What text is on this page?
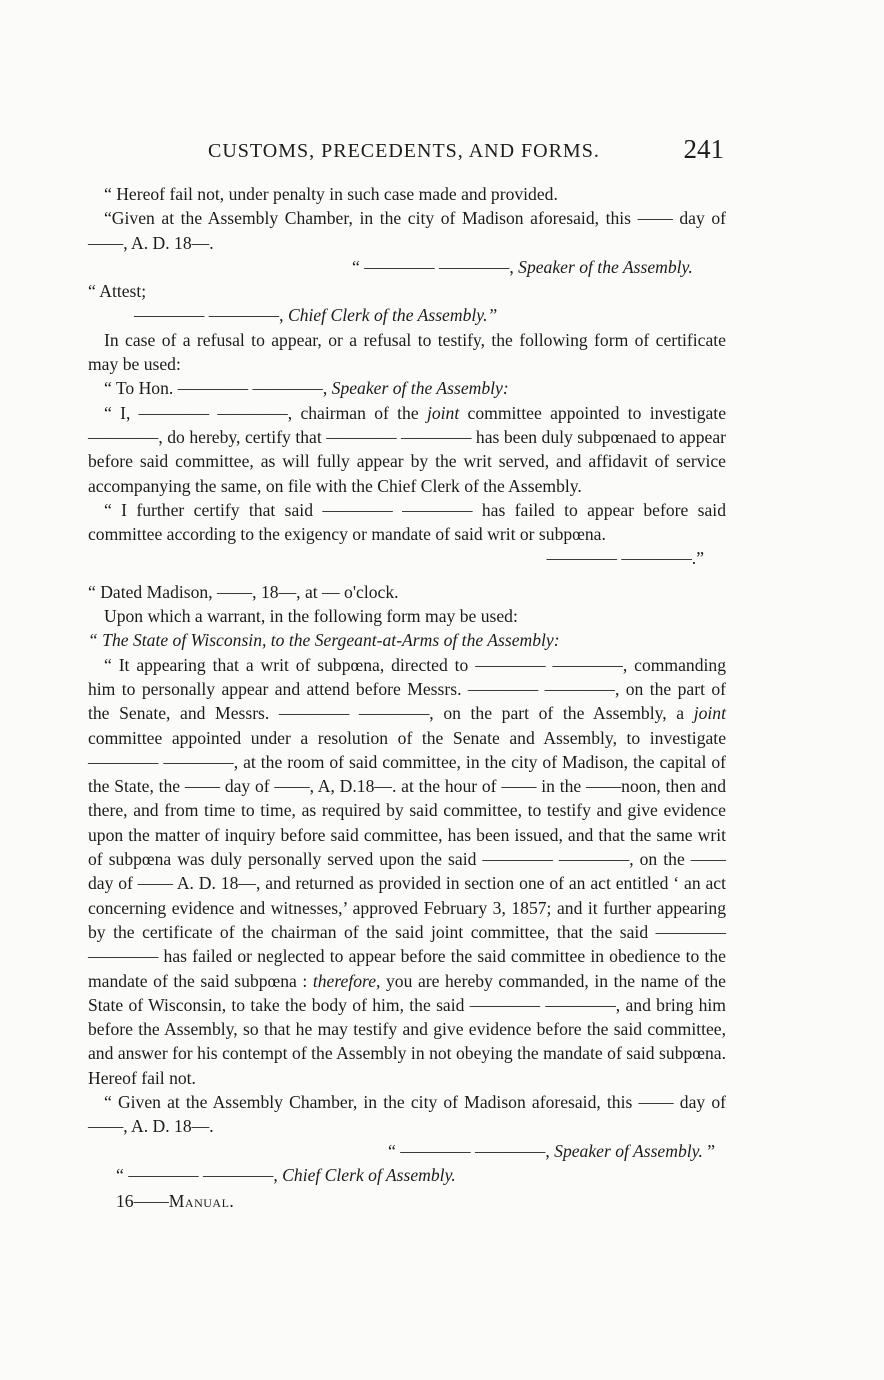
CUSTOMS, PRECEDENTS, AND FORMS.	241

“ Hereof fail not, under penalty in such case made and provided.

“Given at the Assembly Chamber, in the city of Madison aforesaid, this —— day of ——, A. D. 18—.

“ ———— ————, Speaker of the Assembly.

“ Attest;

———— ————, Chief Clerk of the Assembly.”

In case of a refusal to appear, or a refusal to testify, the following form of certificate may be used:

“ To Hon. ———— ————, Speaker of the Assembly:

“ I, ———— ————, chairman of the joint committee appointed to investigate ————, do hereby, certify that ———— ———— has been duly subpœnaed to appear before said committee, as will fully appear by the writ served, and affidavit of service accompanying the same, on file with the Chief Clerk of the Assembly.

“ I further certify that said ———— ———— has failed to appear before said committee according to the exigency or mandate of said writ or subpœna.

———— ————.”

“ Dated Madison, ——, 18—, at — o'clock.

Upon which a warrant, in the following form may be used:

“ The State of Wisconsin, to the Sergeant-at-Arms of the Assembly:

“ It appearing that a writ of subpœna, directed to ———— ————, commanding him to personally appear and attend before Messrs. ———— ————, on the part of the Senate, and Messrs. ———— ————, on the part of the Assembly, a joint committee appointed under a resolution of the Senate and Assembly, to investigate ———— ————, at the room of said committee, in the city of Madison, the capital of the State, the —— day of ——, A, D.18—. at the hour of —— in the ——noon, then and there, and from time to time, as required by said committee, to testify and give evidence upon the matter of inquiry before said committee, has been issued, and that the same writ of subpœna was duly personally served upon the said ———— ————, on the —— day of —— A. D. 18—, and returned as provided in section one of an act entitled ‘ an act concerning evidence and witnesses,’ approved February 3, 1857; and it further appearing by the certificate of the chairman of the said joint committee, that the said ———— ———— has failed or neglected to appear before the said committee in obedience to the mandate of the said subpœna : therefore, you are hereby commanded, in the name of the State of Wisconsin, to take the body of him, the said ———— ————, and bring him before the Assembly, so that he may testify and give evidence before the said committee, and answer for his contempt of the Assembly in not obeying the mandate of said subpœna. Hereof fail not.

“ Given at the Assembly Chamber, in the city of Madison aforesaid, this —— day of ——, A. D. 18—.

“ ———— ————, Speaker of Assembly. ”

“ ———— ————, Chief Clerk of Assembly.

16——Manual.
